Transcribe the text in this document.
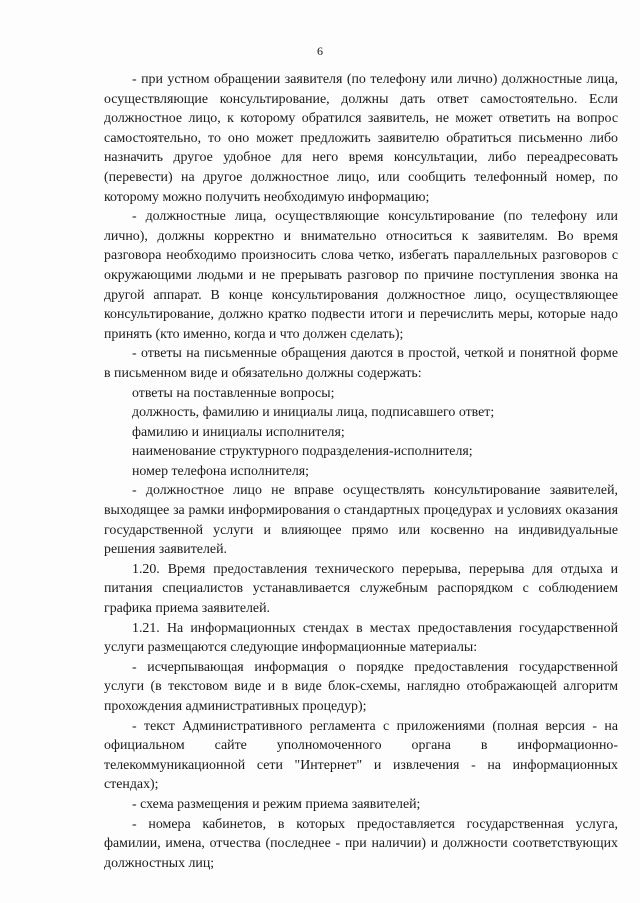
6

- при устном обращении заявителя (по телефону или лично) должностные лица, осуществляющие консультирование, должны дать ответ самостоятельно. Если должностное лицо, к которому обратился заявитель, не может ответить на вопрос самостоятельно, то оно может предложить заявителю обратиться письменно либо назначить другое удобное для него время консультации, либо переадресовать (перевести) на другое должностное лицо, или сообщить телефонный номер, по которому можно получить необходимую информацию;

- должностные лица, осуществляющие консультирование (по телефону или лично), должны корректно и внимательно относиться к заявителям. Во время разговора необходимо произносить слова четко, избегать параллельных разговоров с окружающими людьми и не прерывать разговор по причине поступления звонка на другой аппарат. В конце консультирования должностное лицо, осуществляющее консультирование, должно кратко подвести итоги и перечислить меры, которые надо принять (кто именно, когда и что должен сделать);

- ответы на письменные обращения даются в простой, четкой и понятной форме в письменном виде и обязательно должны содержать:

ответы на поставленные вопросы;

должность, фамилию и инициалы лица, подписавшего ответ;

фамилию и инициалы исполнителя;

наименование структурного подразделения-исполнителя;

номер телефона исполнителя;

- должностное лицо не вправе осуществлять консультирование заявителей, выходящее за рамки информирования о стандартных процедурах и условиях оказания государственной услуги и влияющее прямо или косвенно на индивидуальные решения заявителей.

1.20. Время предоставления технического перерыва, перерыва для отдыха и питания специалистов устанавливается служебным распорядком с соблюдением графика приема заявителей.

1.21. На информационных стендах в местах предоставления государственной услуги размещаются следующие информационные материалы:

- исчерпывающая информация о порядке предоставления государственной услуги (в текстовом виде и в виде блок-схемы, наглядно отображающей алгоритм прохождения административных процедур);

- текст Административного регламента с приложениями (полная версия - на официальном сайте уполномоченного органа в информационно-телекоммуникационной сети "Интернет" и извлечения - на информационных стендах);

- схема размещения и режим приема заявителей;

- номера кабинетов, в которых предоставляется государственная услуга, фамилии, имена, отчества (последнее - при наличии) и должности соответствующих должностных лиц;
